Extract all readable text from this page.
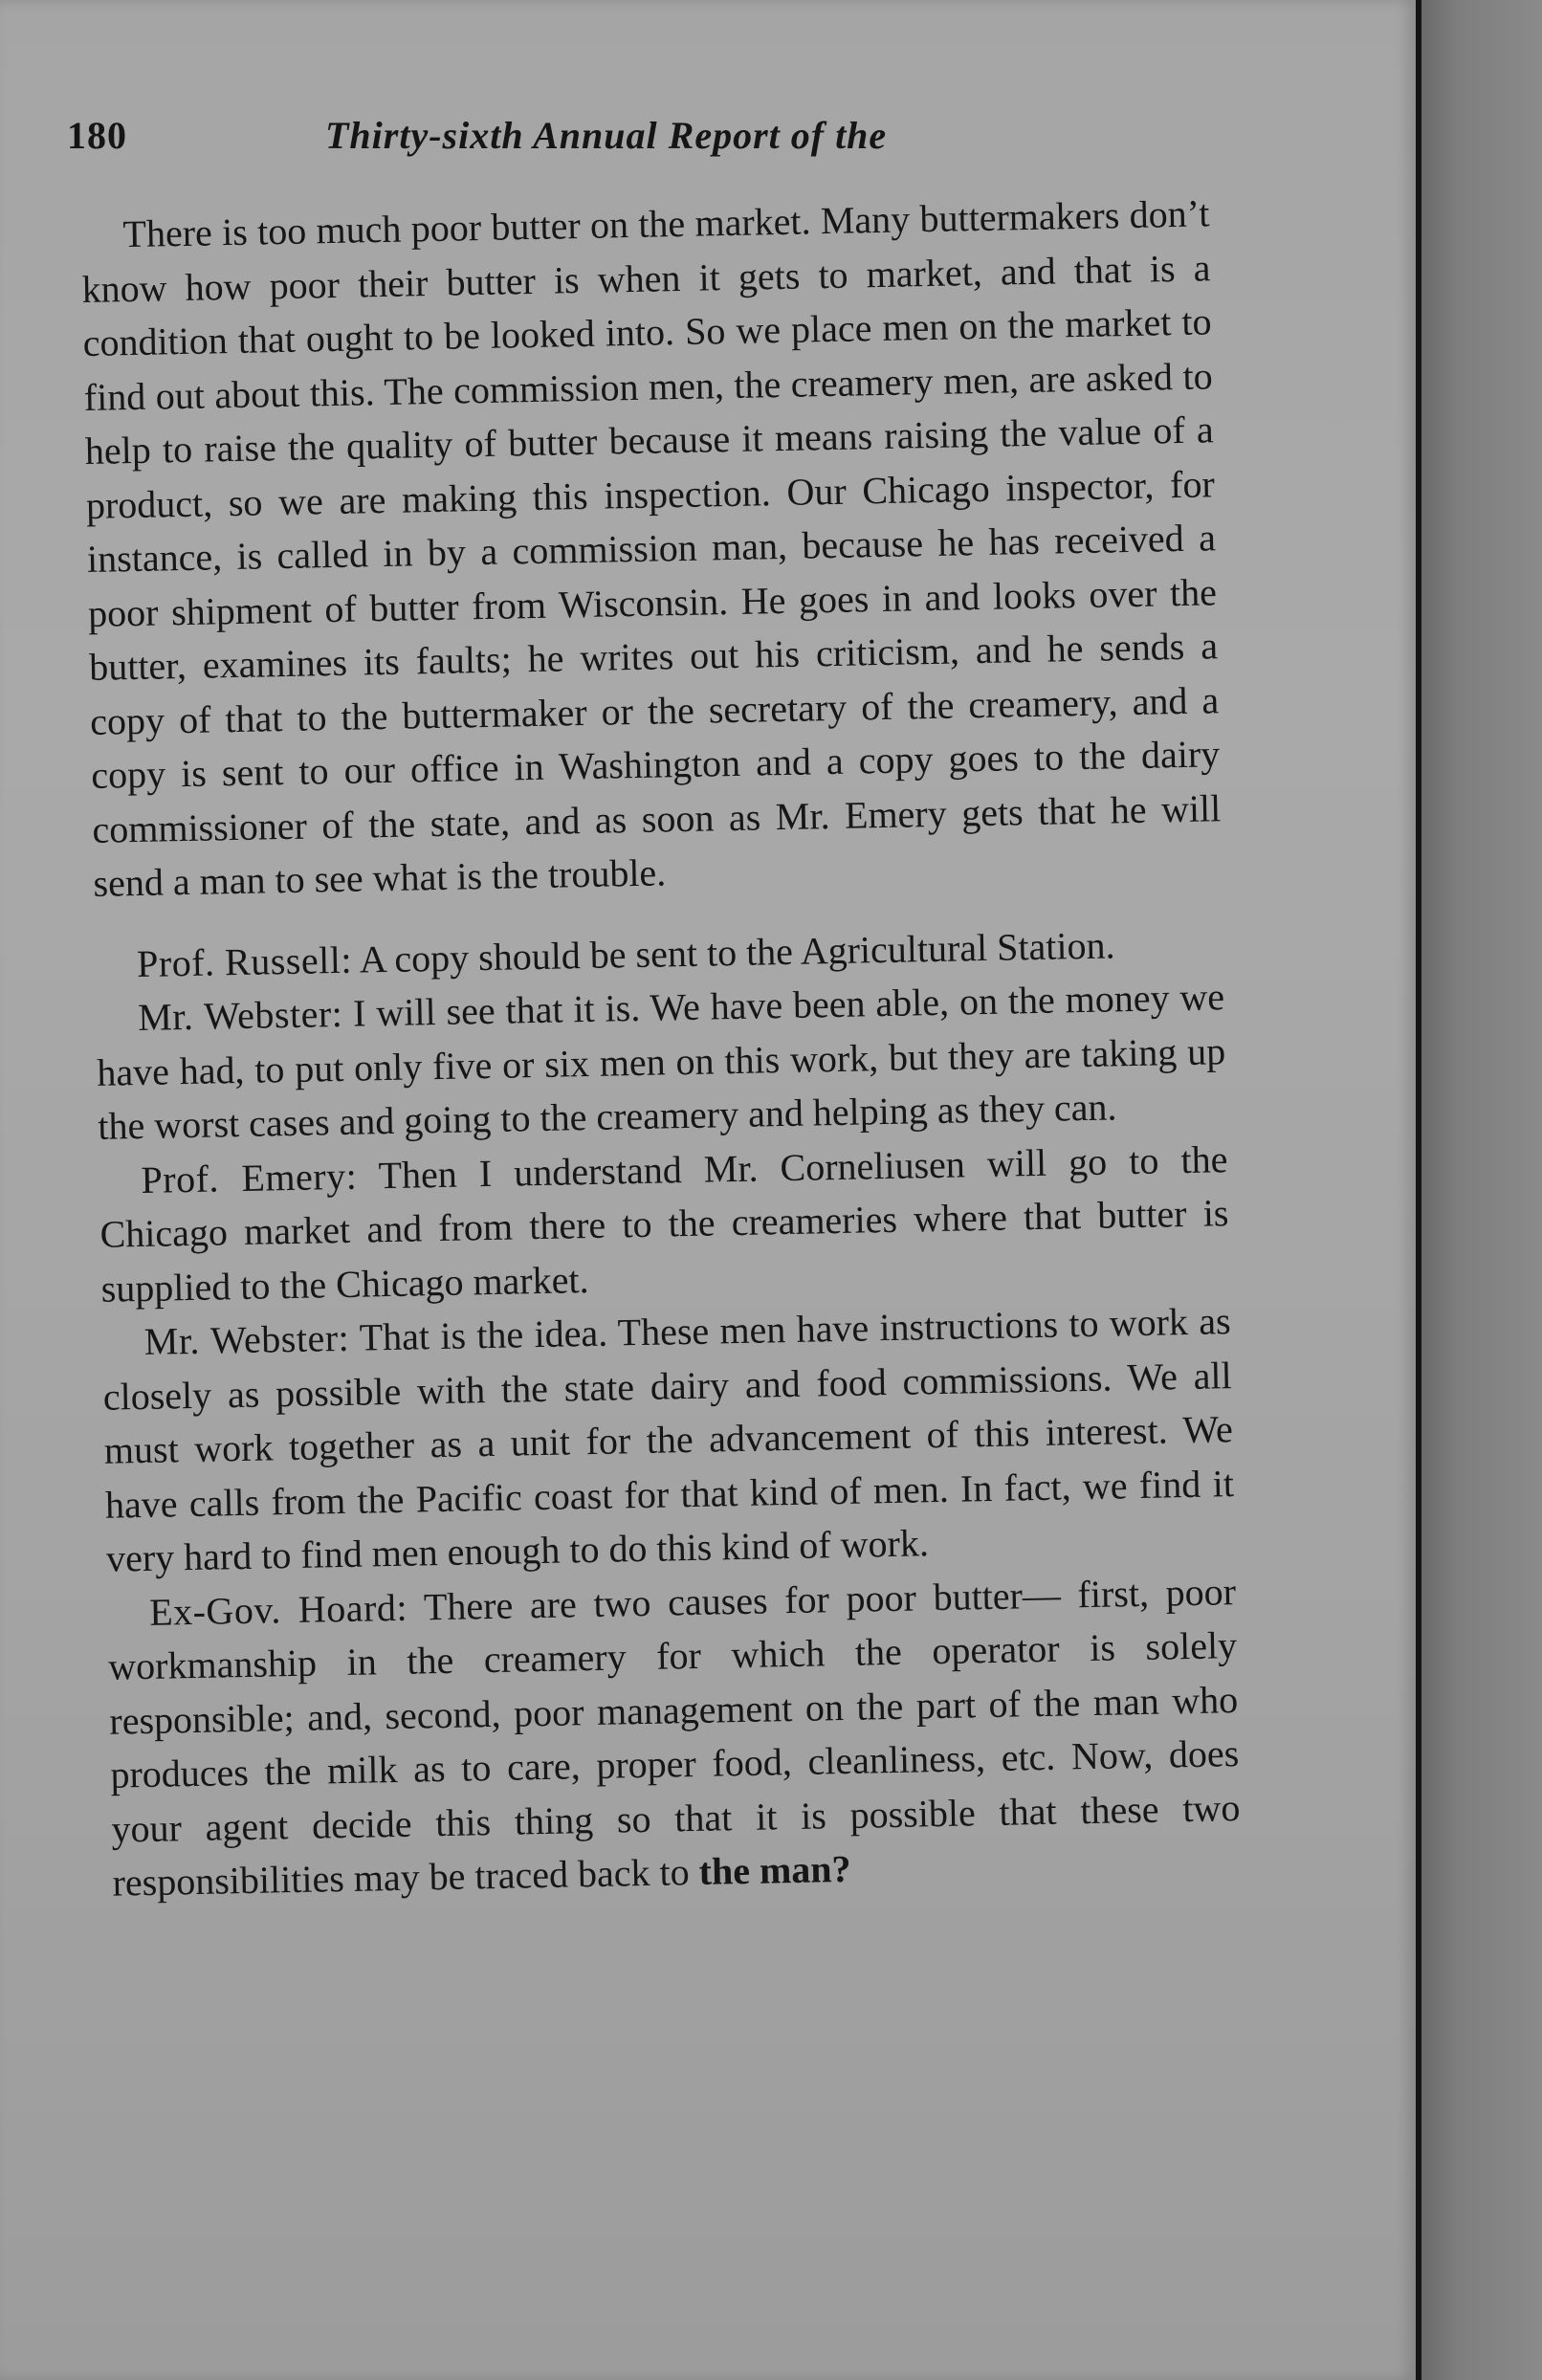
180	Thirty-sixth Annual Report of the

There is too much poor butter on the market. Many buttermakers don’t know how poor their butter is when it gets to market, and that is a condition that ought to be looked into. So we place men on the market to find out about this. The commission men, the creamery men, are asked to help to raise the quality of butter because it means raising the value of a product, so we are making this inspection. Our Chicago inspector, for instance, is called in by a commission man, because he has received a poor shipment of butter from Wisconsin. He goes in and looks over the butter, examines its faults; he writes out his criticism, and he sends a copy of that to the buttermaker or the secretary of the creamery, and a copy is sent to our office in Washington and a copy goes to the dairy commissioner of the state, and as soon as Mr. Emery gets that he will send a man to see what is the trouble.

Prof. Russell: A copy should be sent to the Agricultural Station.

Mr. Webster: I will see that it is. We have been able, on the money we have had, to put only five or six men on this work, but they are taking up the worst cases and going to the creamery and helping as they can.

Prof. Emery: Then I understand Mr. Corneliusen will go to the Chicago market and from there to the creameries where that butter is supplied to the Chicago market.

Mr. Webster: That is the idea. These men have instructions to work as closely as possible with the state dairy and food commissions. We all must work together as a unit for the advancement of this interest. We have calls from the Pacific coast for that kind of men. In fact, we find it very hard to find men enough to do this kind of work.

Ex-Gov. Hoard: There are two causes for poor butter— first, poor workmanship in the creamery for which the operator is solely responsible; and, second, poor management on the part of the man who produces the milk as to care, proper food, cleanliness, etc. Now, does your agent decide this thing so that it is possible that these two responsibilities may be traced back to the man?
